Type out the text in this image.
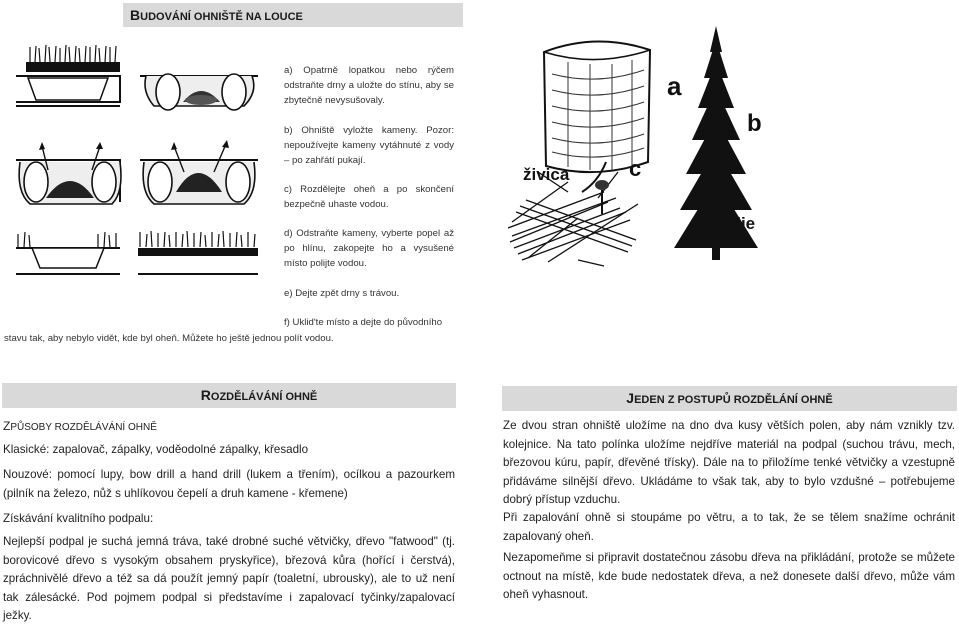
BUDOVÁNÍ OHNIŠTĚ NA LOUCE
a) Opatrně lopatkou nebo rýčem odstraňte drny a uložte do stínu, aby se zbytečně nevysušovaly.
b) Ohniště vyložte kameny. Pozor: nepoužívejte kameny vytáhnuté z vody – po zahřátí pukají.
c) Rozdělejte oheň a po skončení bezpečně uhaste vodou.
d) Odstraňte kameny, vyberte popel až po hlínu, zakopejte ho a vysušené místo polijte vodou.
e) Dejte zpět drny s trávou.
f) Uklid'te místo a dejte do původního
stavu tak, aby nebylo vidět, kde byl oheň. Můžete ho ještě jednou polít vodou.
a
b
c
živica
raždie
ROZDĚLÁVÁNÍ OHNĚ
ZPŮSOBY ROZDĚLÁVÁNÍ OHNĚ
Klasické: zapalovač, zápalky, voděodolné zápalky, křesadlo
Nouzové: pomocí lupy, bow drill a hand drill (lukem a třením), ocílkou a pazourkem (pilník na železo, nůž s uhlíkovou čepelí a druh kamene - křemene)
Získávání kvalitního podpalu:
Nejlepší podpal je suchá jemná tráva, také drobné suché větvičky, dřevo "fatwood" (tj. borovicové dřevo s vysokým obsahem pryskyřice), březová kůra (hořící i čerstvá), zpráchnivělé dřevo a též sa dá použít jemný papír (toaletní, ubrousky), ale to už není tak zálesácké. Pod pojmem podpal si představíme i zapalovací tyčinky/zapalovací ježky.
JEDEN Z POSTUPŮ ROZDĚLÁNÍ OHNĚ
Ze dvou stran ohniště uložíme na dno dva kusy větších polen, aby nám vznikly tzv. kolejnice. Na tato polínka uložíme nejdříve materiál na podpal (suchou trávu, mech, březovou kúru, papír, dřevěné třísky). Dále na to přiložíme tenké větvičky a vzestupně přidáváme silnější dřevo. Ukládáme to však tak, aby to bylo vzdušné – potřebujeme dobrý přístup vzduchu.
Při zapalování ohně si stoupáme po větru, a to tak, že se tělem snažíme ochránit zapalovaný oheň.
Nezapomeňme si připravit dostatečnou zásobu dřeva na přikládání, protože se můžete octnout na místě, kde bude nedostatek dřeva, a než donesete další dřevo, může vám oheň vyhasnout.
